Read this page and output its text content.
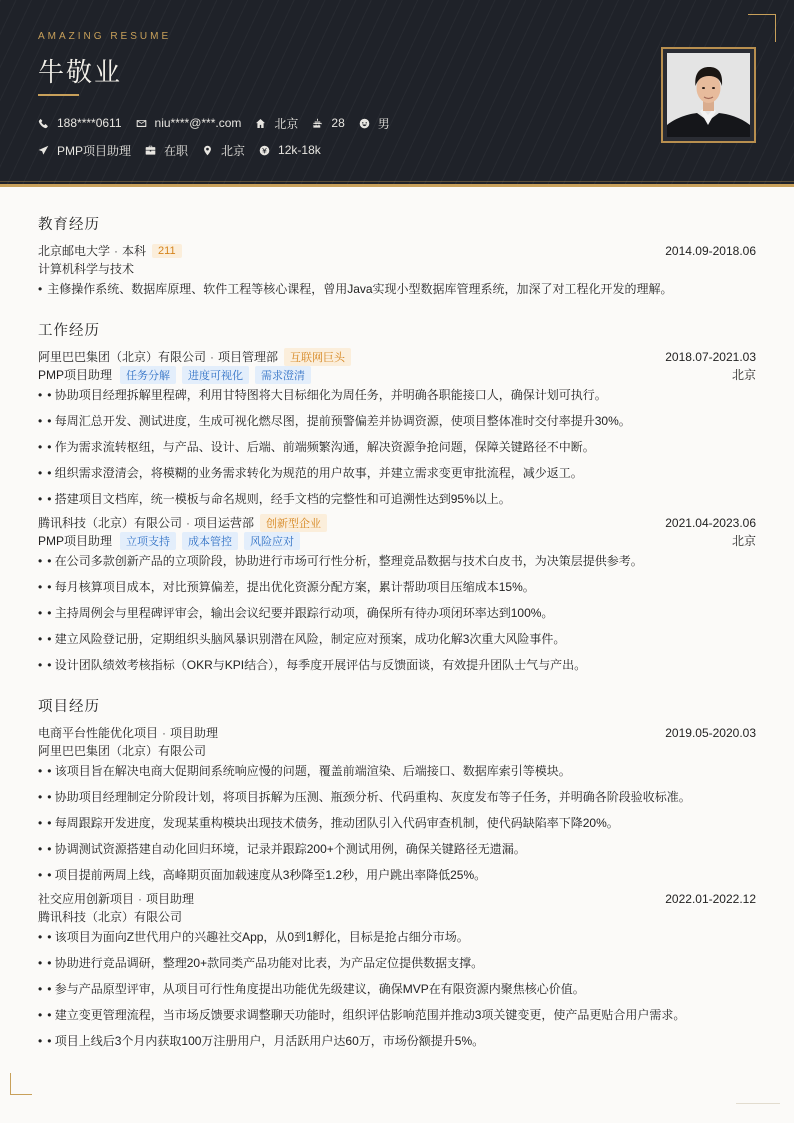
AMAZING RESUME
牛敬业
188****0611	niu****@***.com	北京	28	男
PMP项目助理	在职	北京	12k-18k
教育经历
北京邮电大学 · 本科	211	2014.09-2018.06
计算机科学与技术
• 主修操作系统、数据库原理、软件工程等核心课程，曾用Java实现小型数据库管理系统，加深了对工程化开发的理解。
工作经历
阿里巴巴集团（北京）有限公司 · 项目管理部	互联网巨头	2018.07-2021.03
PMP项目助理	任务分解	进度可视化	需求澄清	北京
• • 协助项目经理拆解里程碑，利用甘特图将大目标细化为周任务，并明确各职能接口人，确保计划可执行。
• • 每周汇总开发、测试进度，生成可视化燃尽图，提前预警偏差并协调资源，使项目整体准时交付率提升30%。
• • 作为需求流转枢纽，与产品、设计、后端、前端频繁沟通，解决资源争抢问题，保障关键路径不中断。
• • 组织需求澄清会，将模糊的业务需求转化为规范的用户故事，并建立需求变更审批流程，减少返工。
• • 搭建项目文档库，统一模板与命名规则，经手文档的完整性和可追溯性达到95%以上。
腾讯科技（北京）有限公司 · 项目运营部	创新型企业	2021.04-2023.06
PMP项目助理	立项支持	成本管控	风险应对	北京
• • 在公司多款创新产品的立项阶段，协助进行市场可行性分析，整理竞品数据与技术白皮书，为决策层提供参考。
• • 每月核算项目成本，对比预算偏差，提出优化资源分配方案，累计帮助项目压缩成本15%。
• • 主持周例会与里程碑评审会，输出会议纪要并跟踪行动项，确保所有待办项闭环率达到100%。
• • 建立风险登记册，定期组织头脑风暴识别潜在风险，制定应对预案，成功化解3次重大风险事件。
• • 设计团队绩效考核指标（OKR与KPI结合），每季度开展评估与反馈面谈，有效提升团队士气与产出。
项目经历
电商平台性能优化项目 · 项目助理	2019.05-2020.03
阿里巴巴集团（北京）有限公司
• • 该项目旨在解决电商大促期间系统响应慢的问题，覆盖前端渲染、后端接口、数据库索引等模块。
• • 协助项目经理制定分阶段计划，将项目拆解为压测、瓶颈分析、代码重构、灰度发布等子任务，并明确各阶段验收标准。
• • 每周跟踪开发进度，发现某重构模块出现技术债务，推动团队引入代码审查机制，使代码缺陷率下降20%。
• • 协调测试资源搭建自动化回归环境，记录并跟踪200+个测试用例，确保关键路径无遗漏。
• • 项目提前两周上线，高峰期页面加载速度从3秒降至1.2秒，用户跳出率降低25%。
社交应用创新项目 · 项目助理	2022.01-2022.12
腾讯科技（北京）有限公司
• • 该项目为面向Z世代用户的兴趣社交App，从0到1孵化，目标是抢占细分市场。
• • 协助进行竞品调研，整理20+款同类产品功能对比表，为产品定位提供数据支撑。
• • 参与产品原型评审，从项目可行性角度提出功能优先级建议，确保MVP在有限资源内聚焦核心价值。
• • 建立变更管理流程，当市场反馈要求调整聊天功能时，组织评估影响范围并推动3项关键变更，使产品更贴合用户需求。
• • 项目上线后3个月内获取100万注册用户，月活跃用户达60万，市场份额提升5%。
